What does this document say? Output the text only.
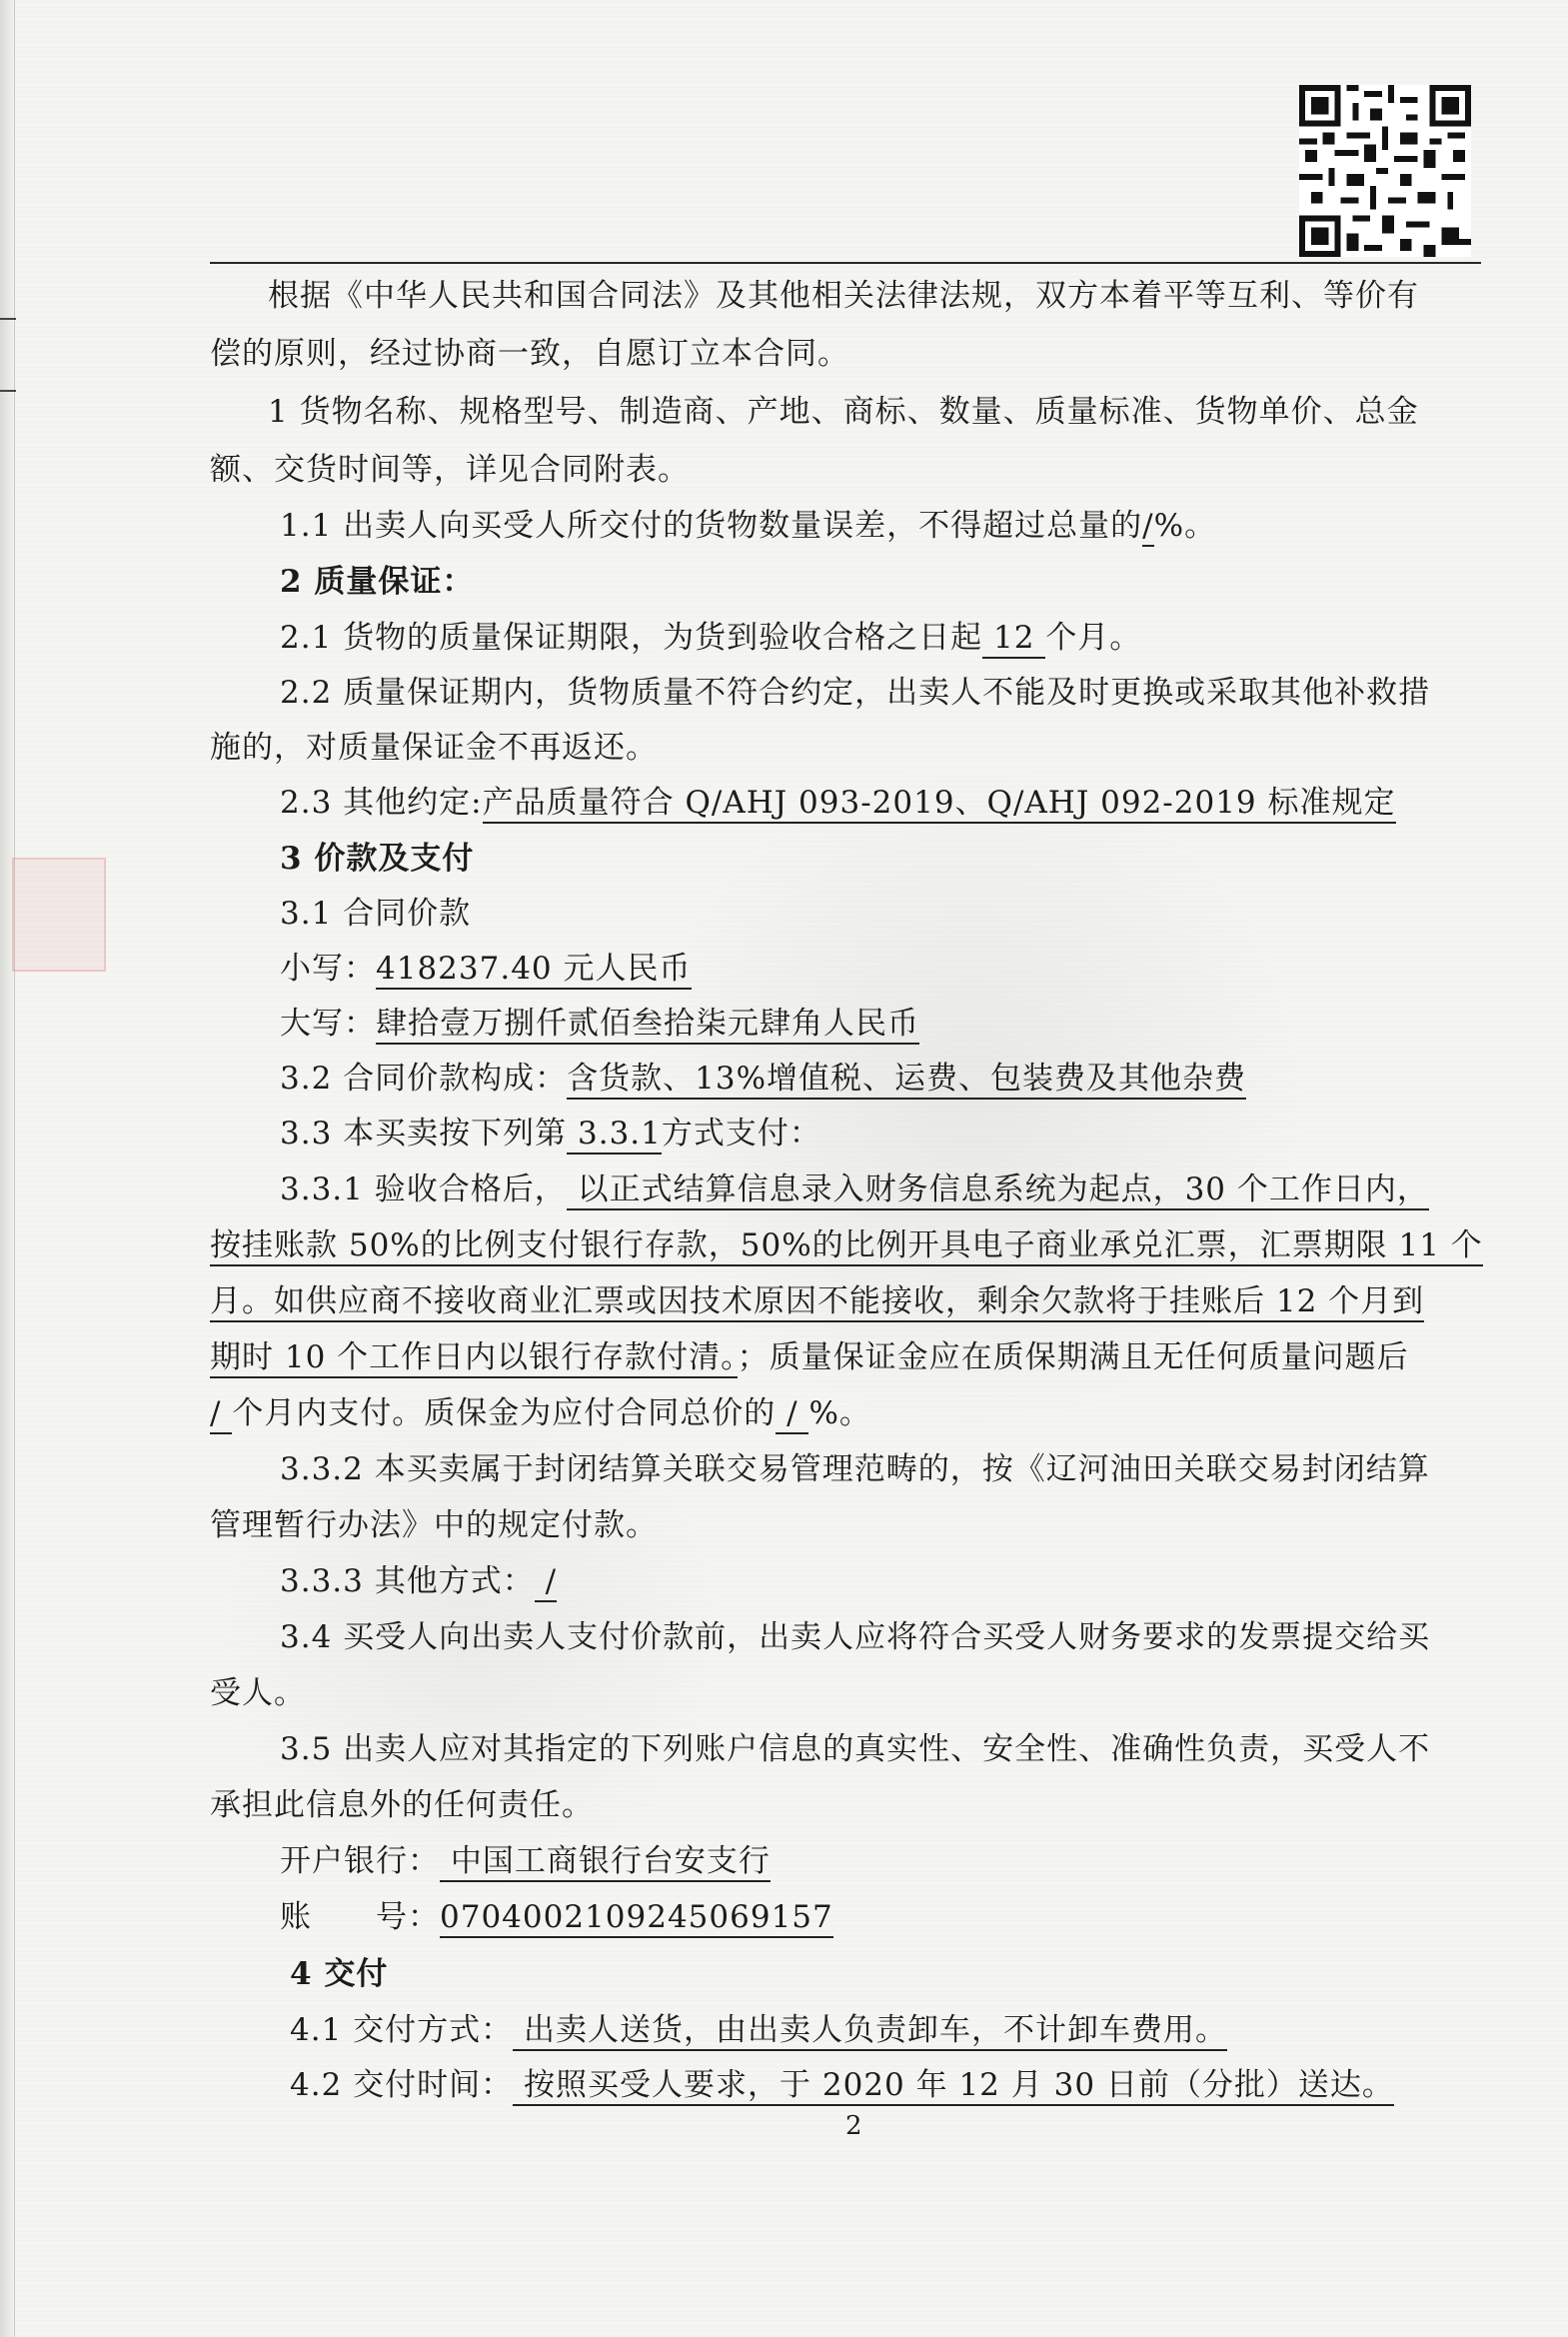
根据《中华人民共和国合同法》及其他相关法律法规，双方本着平等互利、等价有
偿的原则，经过协商一致，自愿订立本合同。
1 货物名称、规格型号、制造商、产地、商标、数量、质量标准、货物单价、总金
额、交货时间等，详见合同附表。
1.1 出卖人向买受人所交付的货物数量误差，不得超过总量的/%。
2 质量保证：
2.1 货物的质量保证期限，为货到验收合格之日起 12 个月。
2.2 质量保证期内，货物质量不符合约定，出卖人不能及时更换或采取其他补救措
施的，对质量保证金不再返还。
2.3 其他约定:产品质量符合 Q/AHJ 093-2019、Q/AHJ 092-2019 标准规定
3 价款及支付
3.1 合同价款
小写：418237.40 元人民币
大写：肆拾壹万捌仟贰佰叁拾柒元肆角人民币
3.2 合同价款构成：含货款、13%增值税、运费、包装费及其他杂费
3.3 本买卖按下列第 3.3.1方式支付：
3.3.1 验收合格后， 以正式结算信息录入财务信息系统为起点，30 个工作日内，
按挂账款 50%的比例支付银行存款，50%的比例开具电子商业承兑汇票，汇票期限 11 个
月。如供应商不接收商业汇票或因技术原因不能接收，剩余欠款将于挂账后 12 个月到
期时 10 个工作日内以银行存款付清。；质量保证金应在质保期满且无任何质量问题后
/ 个月内支付。质保金为应付合同总价的 / %。
3.3.2 本买卖属于封闭结算关联交易管理范畴的，按《辽河油田关联交易封闭结算
管理暂行办法》中的规定付款。
3.3.3 其他方式： /
3.4 买受人向出卖人支付价款前，出卖人应将符合买受人财务要求的发票提交给买
受人。
3.5 出卖人应对其指定的下列账户信息的真实性、安全性、准确性负责，买受人不
承担此信息外的任何责任。
开户银行： 中国工商银行台安支行
账　　号：0704002109245069157
4 交付
4.1 交付方式： 出卖人送货，由出卖人负责卸车，不计卸车费用。
4.2 交付时间： 按照买受人要求，于 2020 年 12 月 30 日前（分批）送达。
2
